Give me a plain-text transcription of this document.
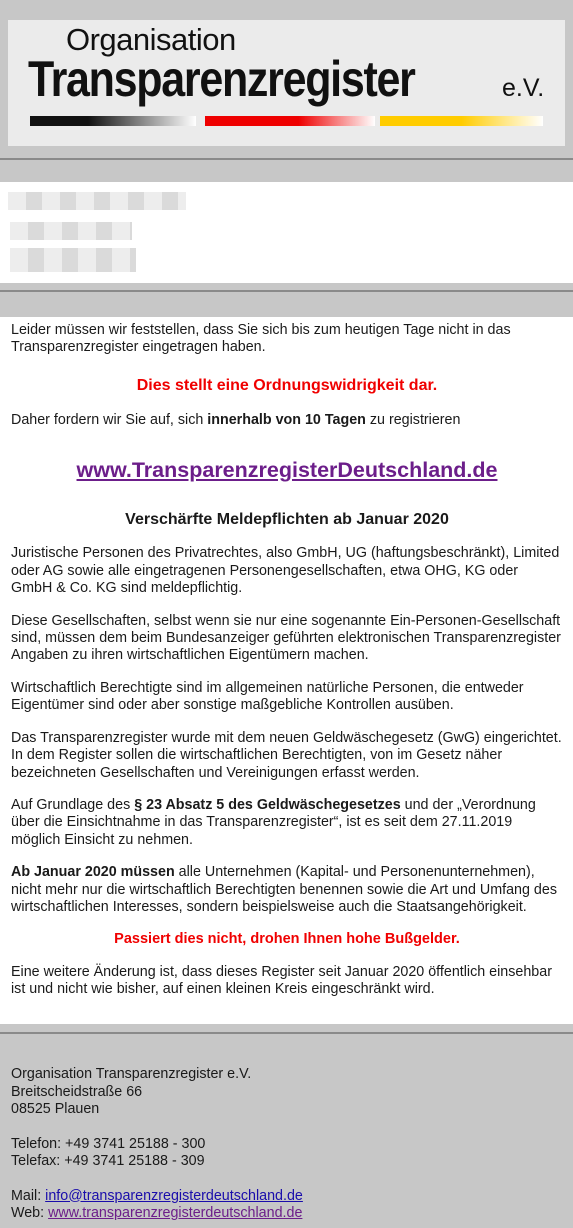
Organisation
Transparenzregister	e.V.

Leider müssen wir feststellen, dass Sie sich bis zum heutigen Tage nicht in das Transparenzregister eingetragen haben.

Dies stellt eine Ordnungswidrigkeit dar.

Daher fordern wir Sie auf, sich innerhalb von 10 Tagen zu registrieren

www.TransparenzregisterDeutschland.de

Verschärfte Meldepflichten ab Januar 2020

Juristische Personen des Privatrechtes, also GmbH, UG (haftungsbeschränkt), Limited oder AG sowie alle eingetragenen Personengesellschaften, etwa OHG, KG oder GmbH & Co. KG sind meldepflichtig.

Diese Gesellschaften, selbst wenn sie nur eine sogenannte Ein-Personen-Gesellschaft sind, müssen dem beim Bundesanzeiger geführten elektronischen Transparenzregister Angaben zu ihren wirtschaftlichen Eigentümern machen.

Wirtschaftlich Berechtigte sind im allgemeinen natürliche Personen, die entweder Eigentümer sind oder aber sonstige maßgebliche Kontrollen ausüben.

Das Transparenzregister wurde mit dem neuen Geldwäschegesetz (GwG) eingerichtet. In dem Register sollen die wirtschaftlichen Berechtigten, von im Gesetz näher bezeichneten Gesellschaften und Vereinigungen erfasst werden.

Auf Grundlage des § 23 Absatz 5 des Geldwäschegesetzes und der „Verordnung über die Einsichtnahme in das Transparenzregister“, ist es seit dem 27.11.2019 möglich Einsicht zu nehmen.

Ab Januar 2020 müssen alle Unternehmen (Kapital- und Personenunternehmen), nicht mehr nur die wirtschaftlich Berechtigten benennen sowie die Art und Umfang des wirtschaftlichen Interesses, sondern beispielsweise auch die Staatsangehörigkeit.

Passiert dies nicht, drohen Ihnen hohe Bußgelder.

Eine weitere Änderung ist, dass dieses Register seit Januar 2020 öffentlich einsehbar ist und nicht wie bisher, auf einen kleinen Kreis eingeschränkt wird.

Organisation Transparenzregister e.V.
Breitscheidstraße 66
08525 Plauen
Telefon: +49 3741 25188 - 300
Telefax: +49 3741 25188 - 309
Mail: info@transparenzregisterdeutschland.de
Web: www.transparenzregisterdeutschland.de
